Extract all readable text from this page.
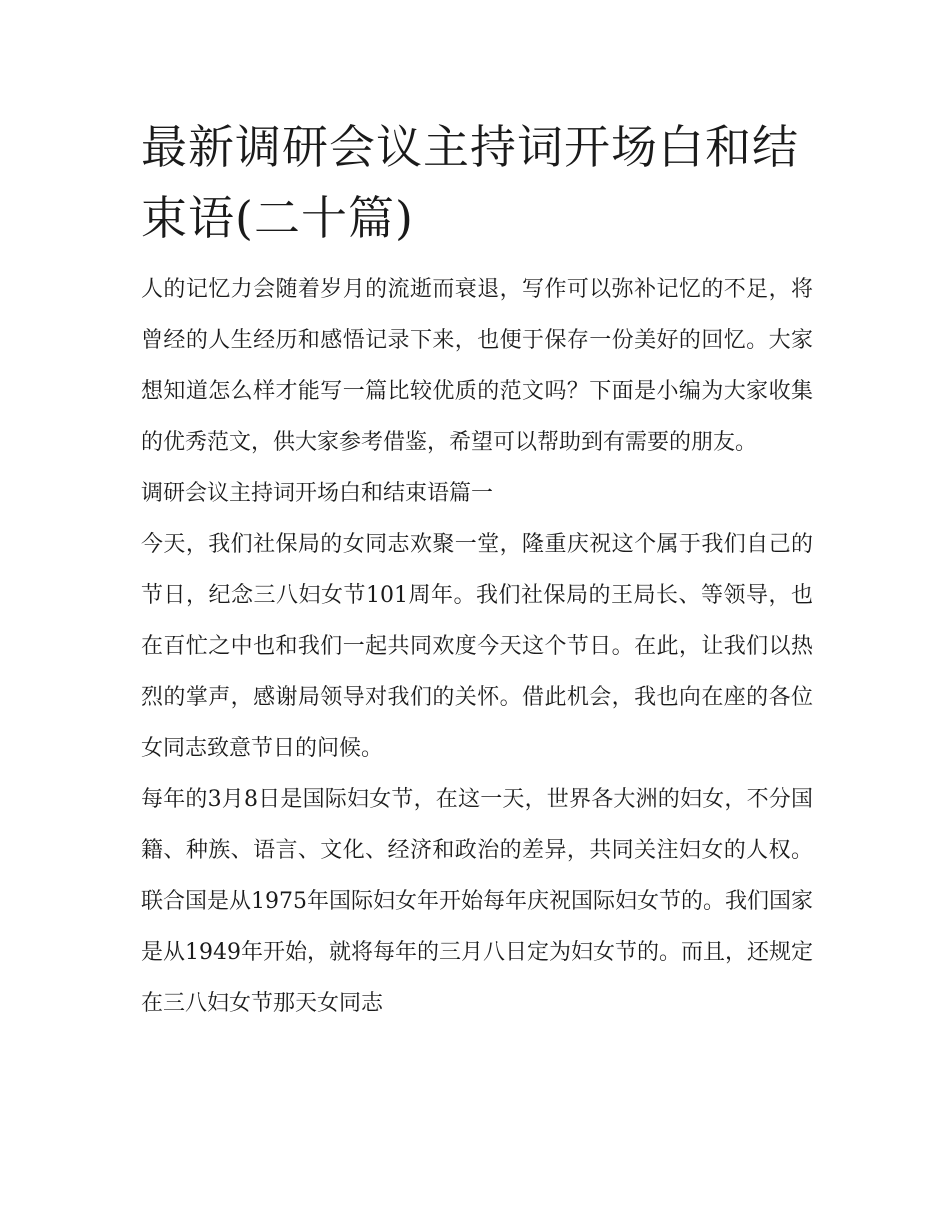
最新调研会议主持词开场白和结束语(二十篇)

人的记忆力会随着岁月的流逝而衰退，写作可以弥补记忆的不足，将曾经的人生经历和感悟记录下来，也便于保存一份美好的回忆。大家想知道怎么样才能写一篇比较优质的范文吗？下面是小编为大家收集的优秀范文，供大家参考借鉴，希望可以帮助到有需要的朋友。

调研会议主持词开场白和结束语篇一

今天，我们社保局的女同志欢聚一堂，隆重庆祝这个属于我们自己的节日，纪念三八妇女节101周年。我们社保局的王局长、等领导，也在百忙之中也和我们一起共同欢度今天这个节日。在此，让我们以热烈的掌声，感谢局领导对我们的关怀。借此机会，我也向在座的各位女同志致意节日的问候。

每年的3月8日是国际妇女节，在这一天，世界各大洲的妇女，不分国籍、种族、语言、文化、经济和政治的差异，共同关注妇女的人权。联合国是从1975年国际妇女年开始每年庆祝国际妇女节的。我们国家是从1949年开始，就将每年的三月八日定为妇女节的。而且，还规定在三八妇女节那天女同志
